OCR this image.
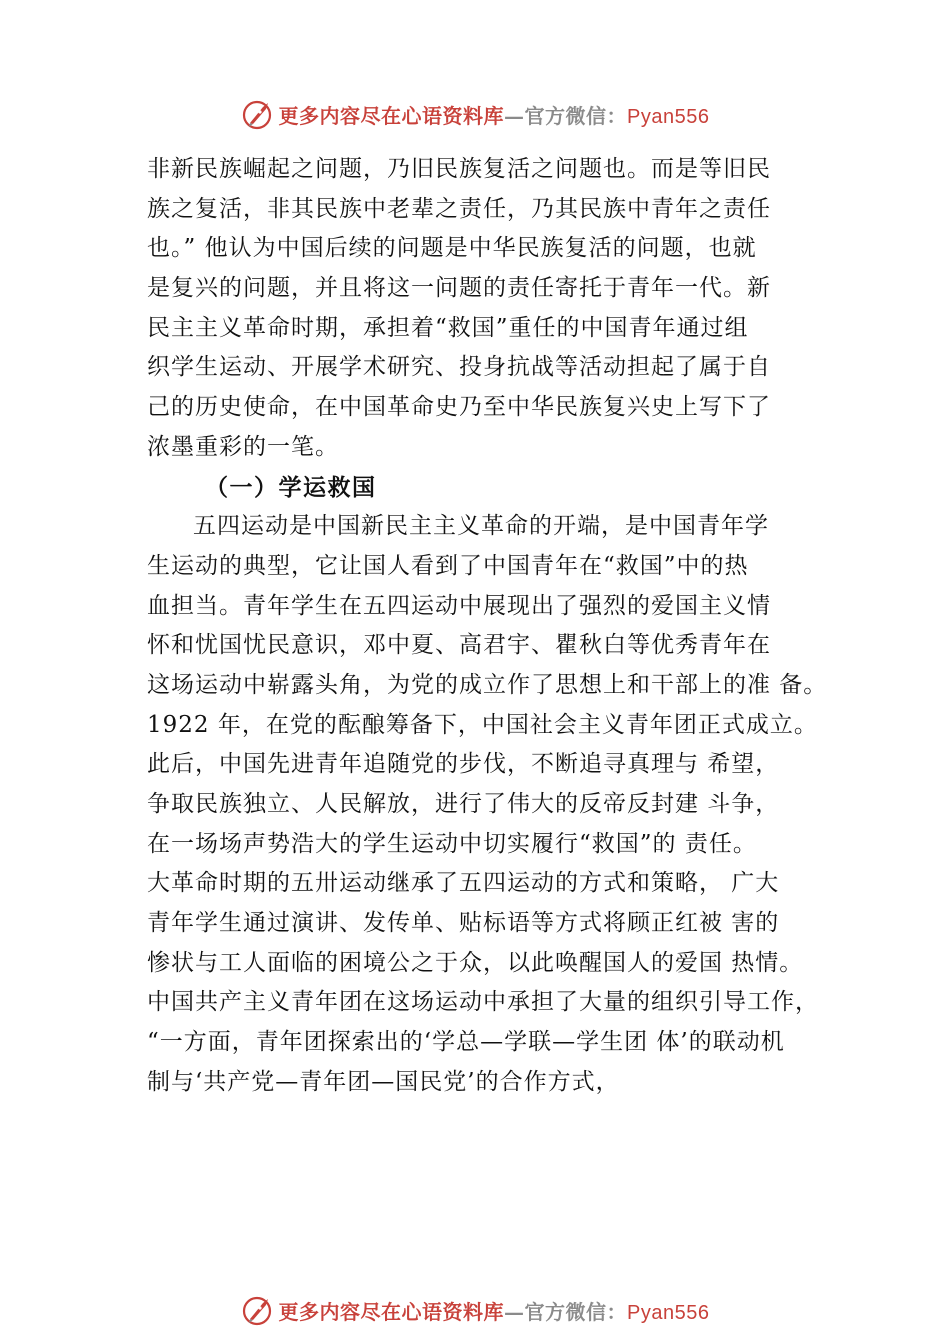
更多内容尽在心语资料库—官方微信：Pyan556
非新民族崛起之问题，乃旧民族复活之问题也。而是等旧民
族之复活，非其民族中老辈之责任，乃其民族中青年之责任
也。” 他认为中国后续的问题是中华民族复活的问题，也就
是复兴的问题，并且将这一问题的责任寄托于青年一代。新
民主主义革命时期，承担着“救国”重任的中国青年通过组
织学生运动、开展学术研究、投身抗战等活动担起了属于自
己的历史使命，在中国革命史乃至中华民族复兴史上写下了
浓墨重彩的一笔。
（一）学运救国
五四运动是中国新民主主义革命的开端，是中国青年学
生运动的典型，它让国人看到了中国青年在“救国”中的热
血担当。青年学生在五四运动中展现出了强烈的爱国主义情
怀和忧国忧民意识，邓中夏、高君宇、瞿秋白等优秀青年在
这场运动中崭露头角，为党的成立作了思想上和干部上的准 备。
1922 年，在党的酝酿筹备下，中国社会主义青年团正式成立。
此后，中国先进青年追随党的步伐，不断追寻真理与 希望，
争取民族独立、人民解放，进行了伟大的反帝反封建 斗争，
在一场场声势浩大的学生运动中切实履行“救国”的 责任。
大革命时期的五卅运动继承了五四运动的方式和策略， 广大
青年学生通过演讲、发传单、贴标语等方式将顾正红被 害的
惨状与工人面临的困境公之于众，以此唤醒国人的爱国 热情。
中国共产主义青年团在这场运动中承担了大量的组织引导工作，
“一方面，青年团探索出的‘学总—学联—学生团 体’的联动机
制与‘共产党—青年团—国民党’的合作方式，
更多内容尽在心语资料库—官方微信：Pyan556
